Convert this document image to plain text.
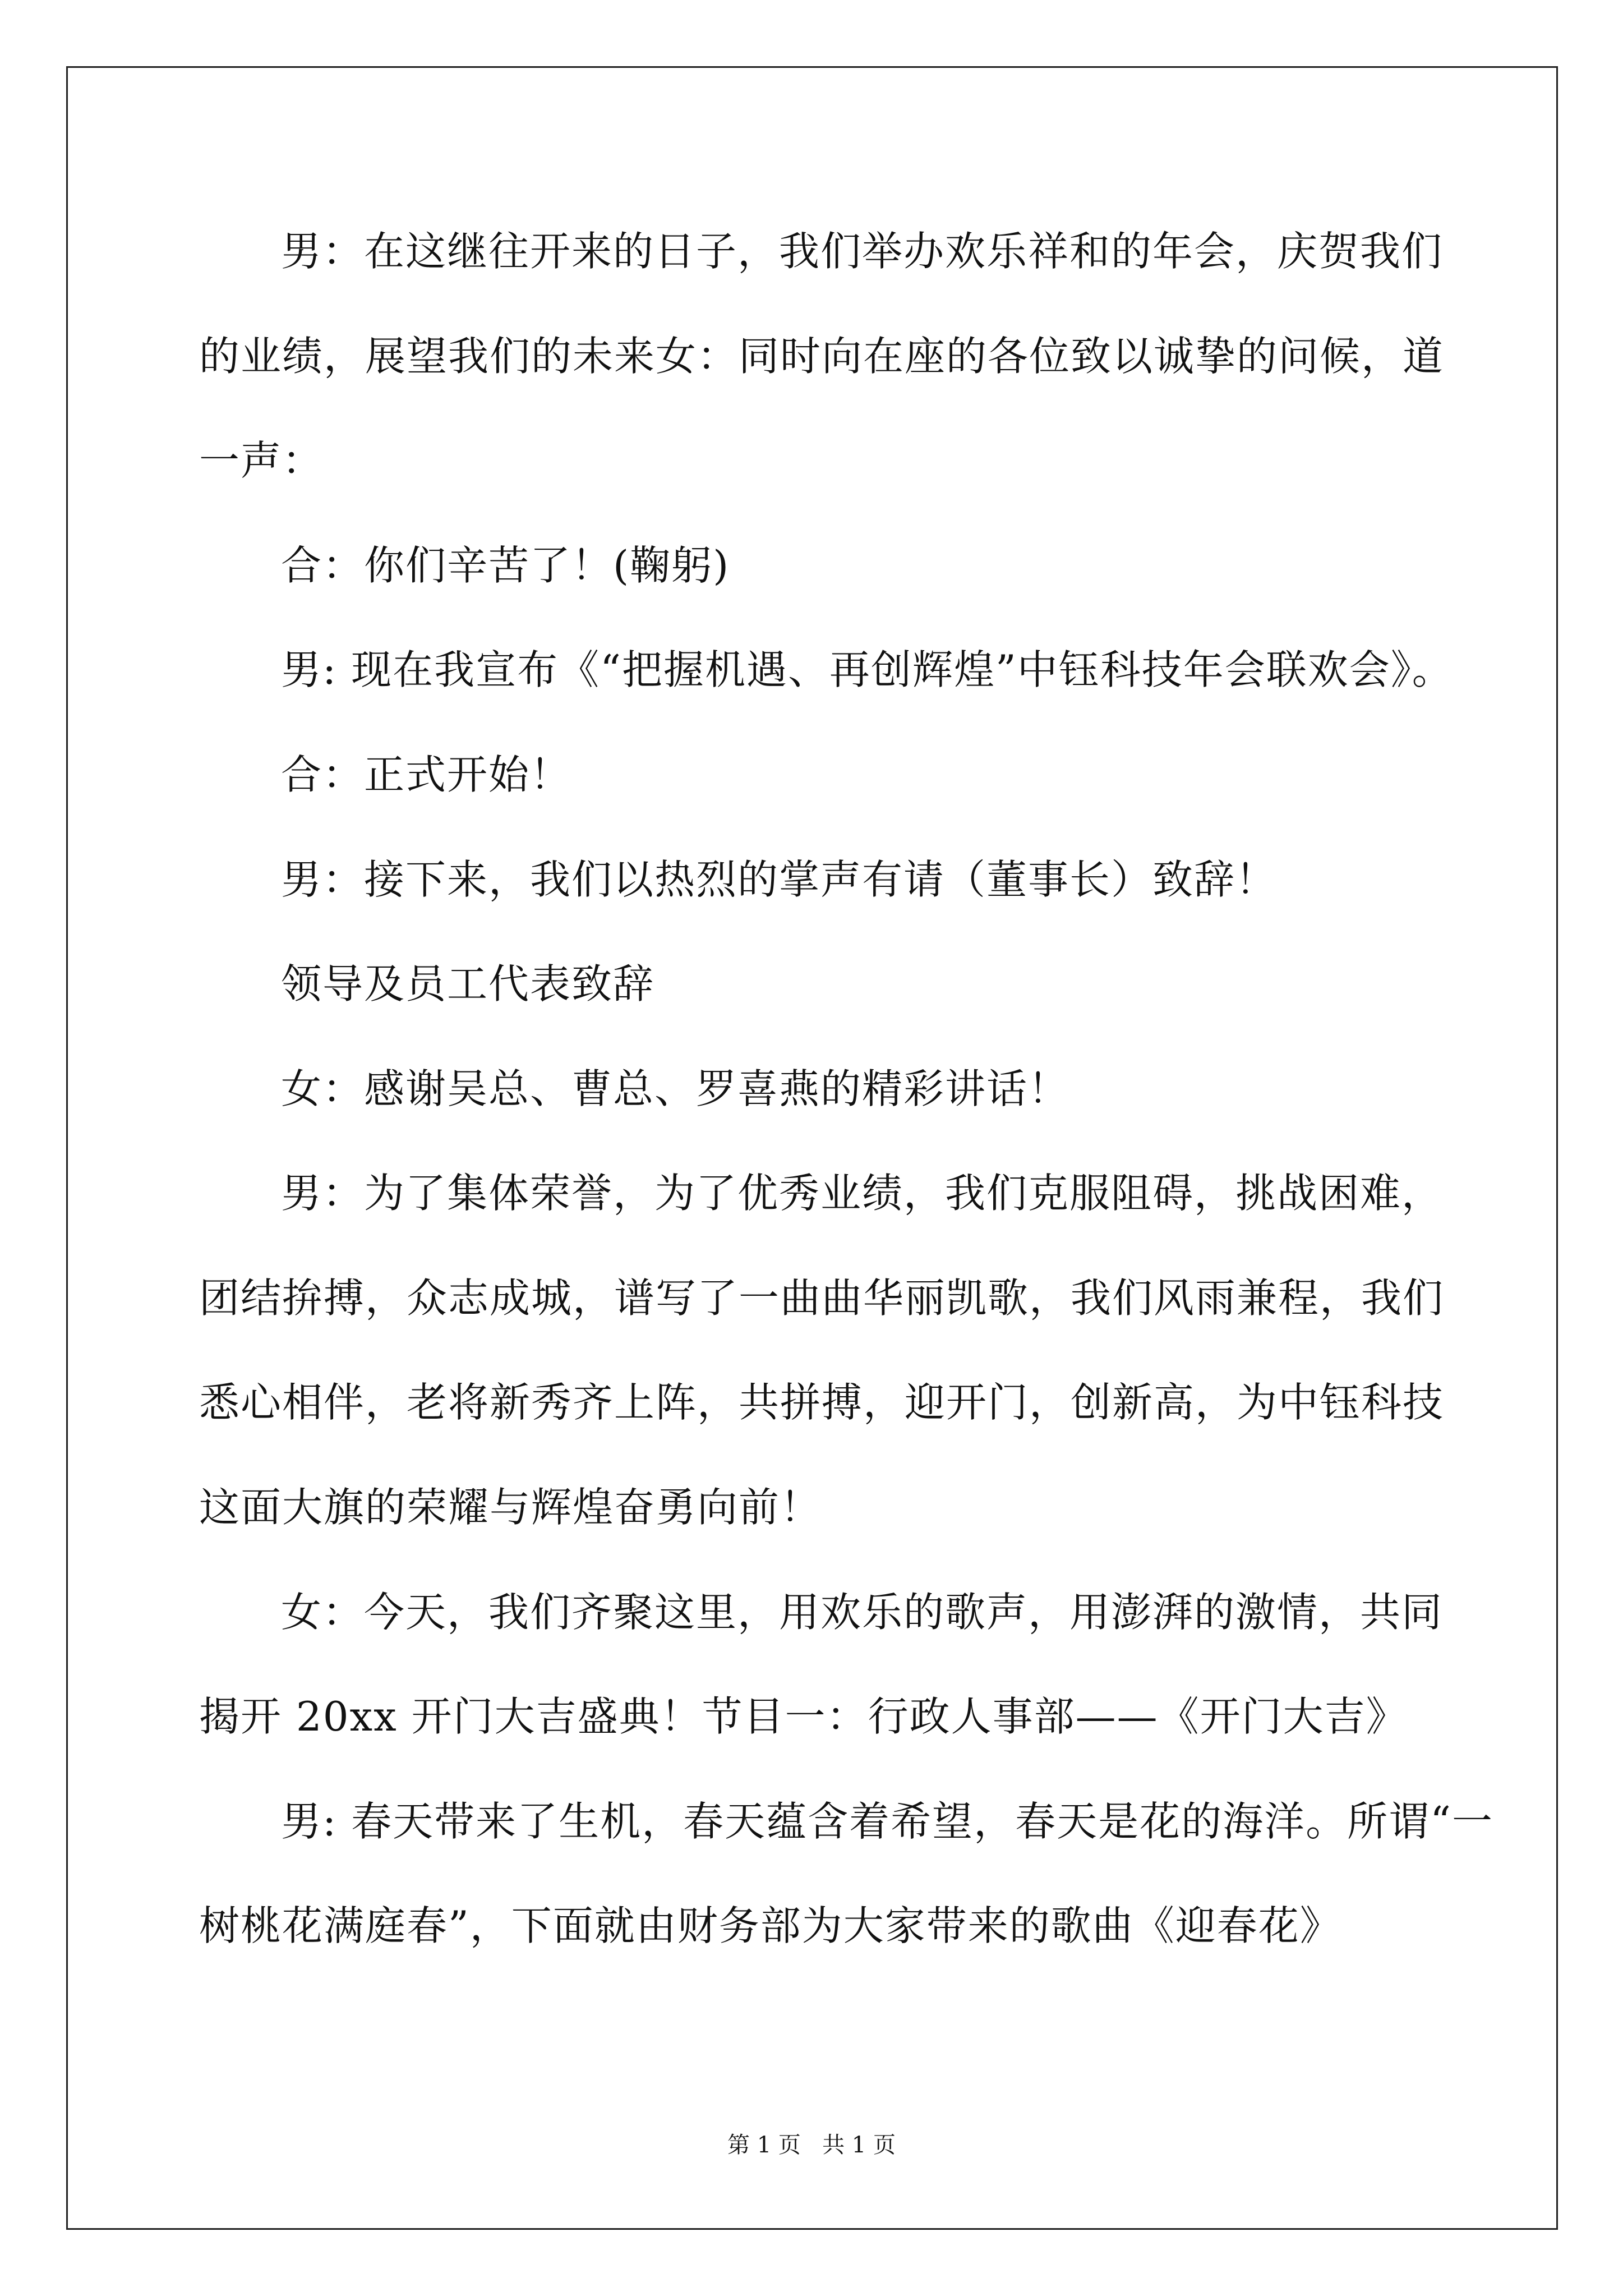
男：在这继往开来的日子，我们举办欢乐祥和的年会，庆贺我们
的业绩，展望我们的未来女：同时向在座的各位致以诚挚的问候，道
一声：
合：你们辛苦了！(鞠躬)
男: 现在我宣布《“把握机遇、再创辉煌”中钰科技年会联欢会》。
合：正式开始！
男：接下来，我们以热烈的掌声有请（董事长）致辞！
领导及员工代表致辞
女：感谢吴总、曹总、罗喜燕的精彩讲话！
男：为了集体荣誉，为了优秀业绩，我们克服阻碍，挑战困难，
团结拚搏，众志成城，谱写了一曲曲华丽凯歌，我们风雨兼程，我们
悉心相伴，老将新秀齐上阵，共拼搏，迎开门，创新高，为中钰科技
这面大旗的荣耀与辉煌奋勇向前！
女：今天，我们齐聚这里，用欢乐的歌声，用澎湃的激情，共同
揭开 20xx 开门大吉盛典！节目一：行政人事部——《开门大吉》
男: 春天带来了生机，春天蕴含着希望，春天是花的海洋。所谓“一
树桃花满庭春”，下面就由财务部为大家带来的歌曲《迎春花》
第 1 页   共 1 页
